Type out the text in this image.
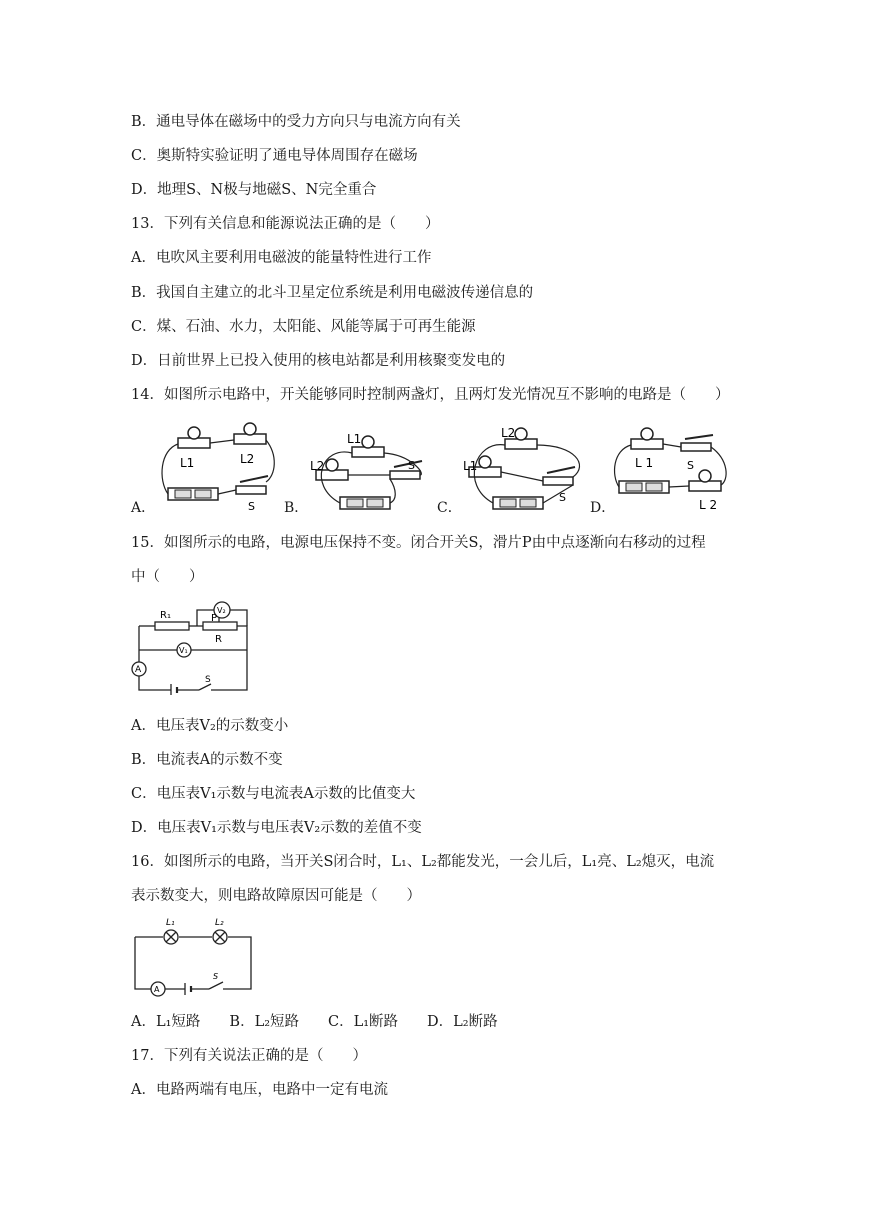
B．通电导体在磁场中的受力方向只与电流方向有关
C．奥斯特实验证明了通电导体周围存在磁场
D．地理S、N极与地磁S、N完全重合
13．下列有关信息和能源说法正确的是（　　）
A．电吹风主要利用电磁波的能量特性进行工作
B．我国自主建立的北斗卫星定位系统是利用电磁波传递信息的
C．煤、石油、水力，太阳能、风能等属于可再生能源
D．日前世界上已投入使用的核电站都是利用核聚变发电的
14．如图所示电路中，开关能够同时控制两盏灯，且两灯发光情况互不影响的电路是（　　）
A．	B．	C．	D．
L1	L2
S
L1
L2	S
L2
L1
S
L 1	S
L 2
15．如图所示的电路，电源电压保持不变。闭合开关S，滑片P由中点逐渐向右移动的过程
中（　　）
R₁	P
R
V₂
V₁
A
S
A．电压表V₂的示数变小
B．电流表A的示数不变
C．电压表V₁示数与电流表A示数的比值变大
D．电压表V₁示数与电压表V₂示数的差值不变
16．如图所示的电路，当开关S闭合时，L₁、L₂都能发光，一会儿后，L₁亮、L₂熄灭，电流
表示数变大，则电路故障原因可能是（　　）
L₁	L₂
A
S
A．L₁短路　　B．L₂短路　　C．L₁断路　　D．L₂断路
17．下列有关说法正确的是（　　）
A．电路两端有电压，电路中一定有电流
